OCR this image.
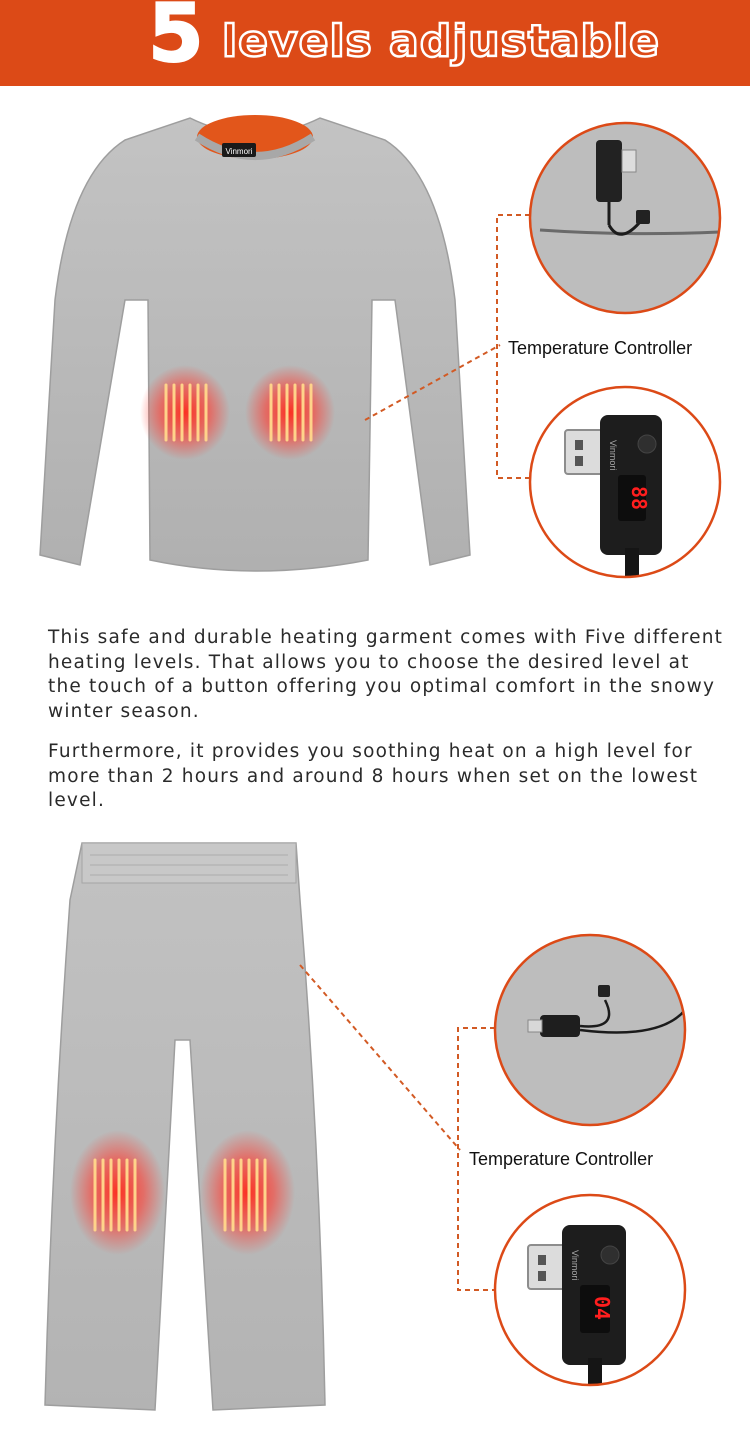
5 levels adjustable
Vinmori
88
Vinmori
Temperature Controller

This safe and durable heating garment comes with Five different heating levels. That allows you to choose the desired level at the touch of a button offering you optimal comfort in the snowy winter season.

Furthermore, it provides you soothing heat on a high level for more than 2 hours and around 8 hours when set on the lowest level.

04
Vinmori
Temperature Controller
